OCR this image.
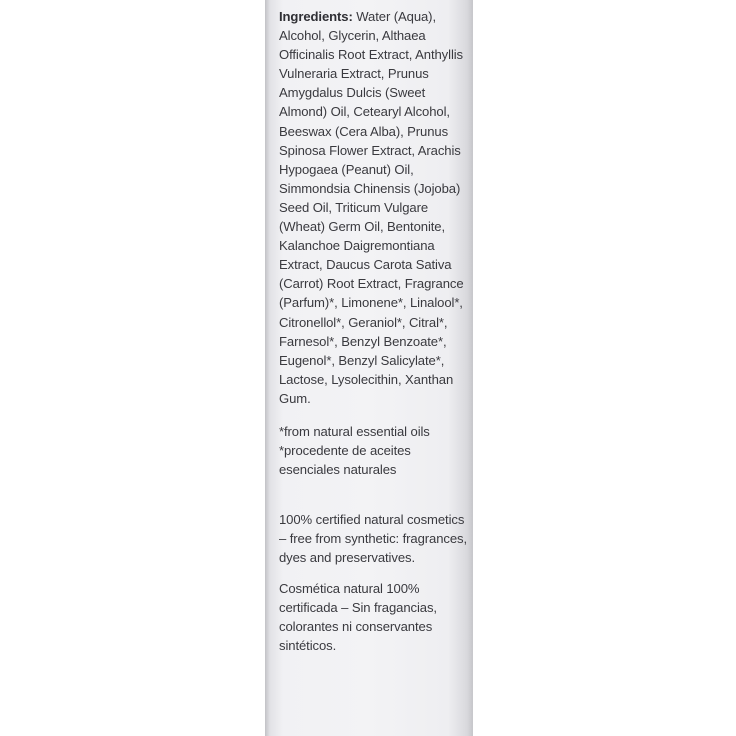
Ingredients: Water (Aqua), Alcohol, Glycerin, Althaea Officinalis Root Extract, Anthyllis Vulneraria Extract, Prunus Amygdalus Dulcis (Sweet Almond) Oil, Cetearyl Alcohol, Beeswax (Cera Alba), Prunus Spinosa Flower Extract, Arachis Hypogaea (Peanut) Oil, Simmondsia Chinensis (Jojoba) Seed Oil, Triticum Vulgare (Wheat) Germ Oil, Bentonite, Kalanchoe Daigremontiana Extract, Daucus Carota Sativa (Carrot) Root Extract, Fragrance (Parfum)*, Limonene*, Linalool*, Citronellol*, Geraniol*, Citral*, Farnesol*, Benzyl Benzoate*, Eugenol*, Benzyl Salicylate*, Lactose, Lysolecithin, Xanthan Gum.

*from natural essential oils

*procedente de aceites esenciales naturales

100% certified natural cosmetics – free from synthetic: fragrances, dyes and preservatives.

Cosmética natural 100% certificada – Sin fragancias, colorantes ni conservantes sintéticos.
